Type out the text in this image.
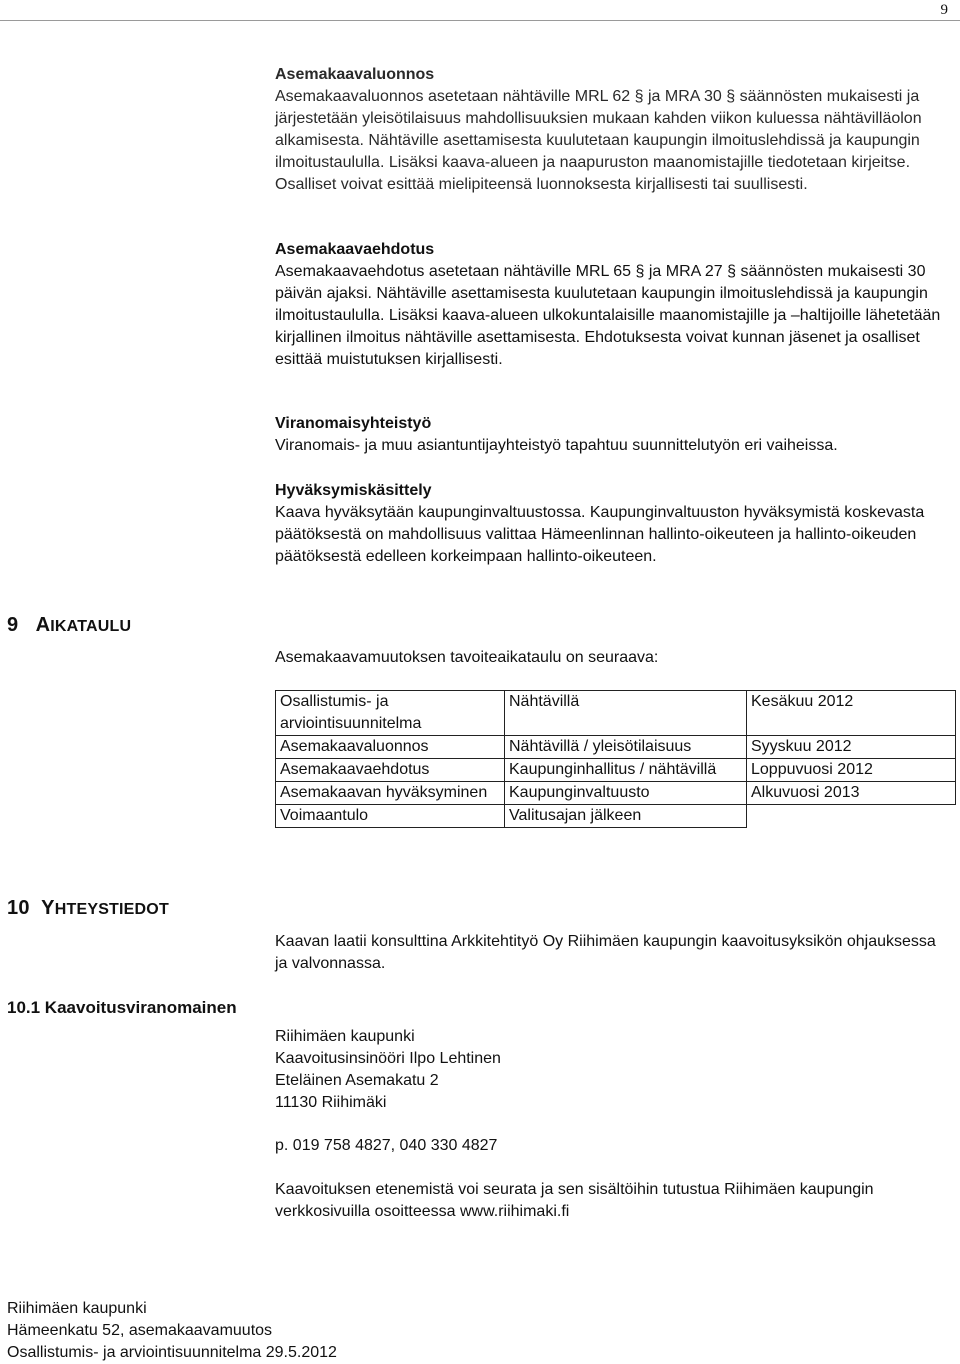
9
Asemakaavaluonnos

Asemakaavaluonnos asetetaan nähtäville MRL 62 § ja MRA 30 § säännösten mukaisesti ja järjestetään yleisötilaisuus mahdollisuuksien mukaan kahden viikon kuluessa nähtävilläolon alkamisesta. Nähtäville asettamisesta kuulutetaan kaupungin ilmoituslehdissä ja kaupungin ilmoitustaululla. Lisäksi kaava-alueen ja naapuruston maanomistajille tiedotetaan kirjeitse. Osalliset voivat esittää mielipiteensä luonnoksesta kirjallisesti tai suullisesti.

Asemakaavaehdotus

Asemakaavaehdotus asetetaan nähtäville MRL 65 § ja MRA 27 § säännösten mukaisesti 30 päivän ajaksi. Nähtäville asettamisesta kuulutetaan kaupungin ilmoituslehdissä ja kaupungin ilmoitustaululla. Lisäksi kaava-alueen ulkokuntalaisille maanomistajille ja –haltijoille lähetetään kirjallinen ilmoitus nähtäville asettamisesta. Ehdotuksesta voivat kunnan jäsenet ja osalliset esittää muistutuksen kirjallisesti.

Viranomaisyhteistyö

Viranomais- ja muu asiantuntijayhteistyö tapahtuu suunnittelutyön eri vaiheissa.

Hyväksymiskäsittely

Kaava hyväksytään kaupunginvaltuustossa. Kaupunginvaltuuston hyväksymistä koskevasta päätöksestä on mahdollisuus valittaa Hämeenlinnan hallinto-oikeuteen ja hallinto-oikeuden päätöksestä edelleen korkeimpaan hallinto-oikeuteen.

9 AIKATAULU
Asemakaavamuutoksen tavoiteaikataulu on seuraava:
Osallistumis- ja arviointisuunnitelma	Nähtävillä	Kesäkuu 2012
Asemakaavaluonnos	Nähtävillä / yleisötilaisuus	Syyskuu 2012
Asemakaavaehdotus	Kaupunginhallitus / nähtävillä	Loppuvuosi 2012
Asemakaavan hyväksyminen	Kaupunginvaltuusto	Alkuvuosi 2013
Voimaantulo	Valitusajan jälkeen	
10 YHTEYSTIEDOT
Kaavan laatii konsulttina Arkkitehtityö Oy Riihimäen kaupungin kaavoitusyksikön ohjauksessa ja valvonnassa.
10.1 Kaavoitusviranomainen
Riihimäen kaupunki
Kaavoitusinsinööri Ilpo Lehtinen
Eteläinen Asemakatu 2
11130 Riihimäki
p. 019 758 4827, 040 330 4827
Kaavoituksen etenemistä voi seurata ja sen sisältöihin tutustua Riihimäen kaupungin verkkosivuilla osoitteessa www.riihimaki.fi
Riihimäen kaupunki
Hämeenkatu 52, asemakaavamuutos
Osallistumis- ja arviointisuunnitelma 29.5.2012
